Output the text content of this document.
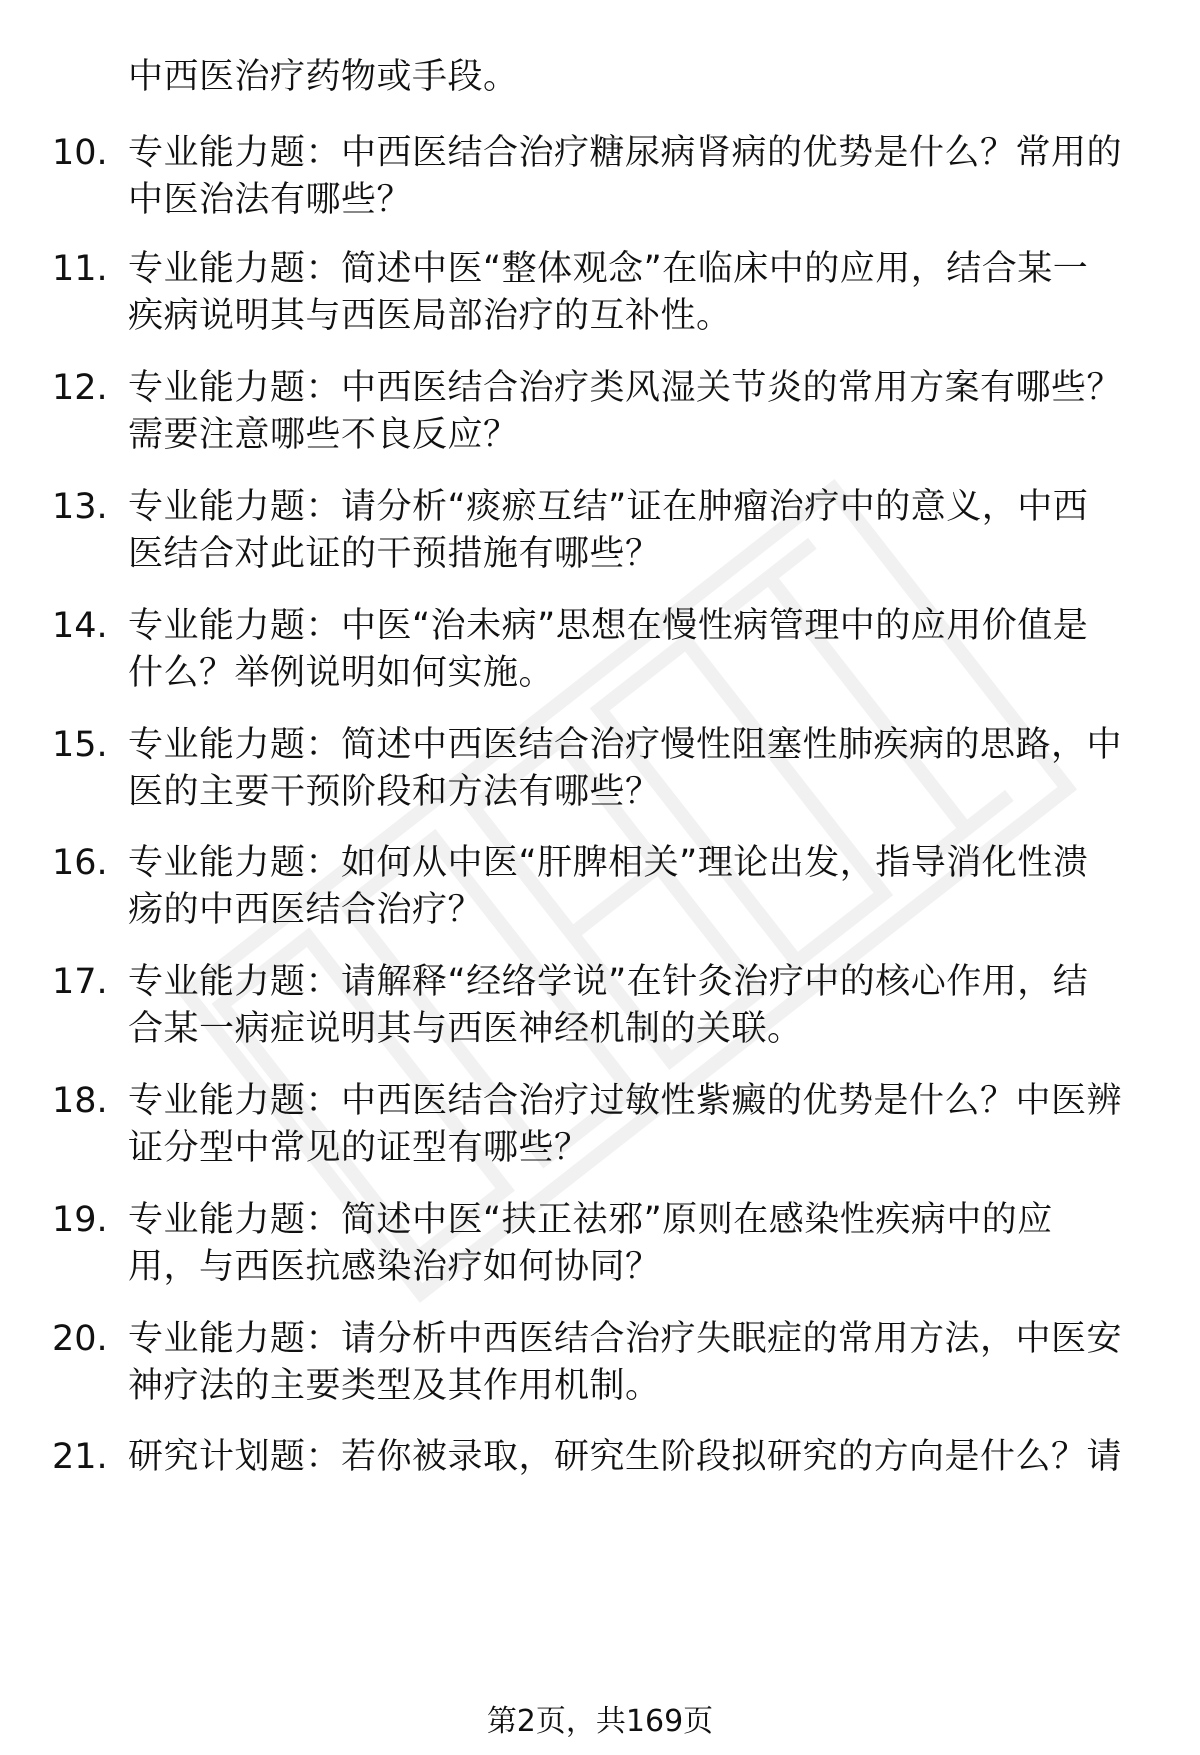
中西医治疗药物或手段。
10. 专业能力题：中西医结合治疗糖尿病肾病的优势是什么？常用的
中医治法有哪些？
11. 专业能力题：简述中医“整体观念”在临床中的应用，结合某一
疾病说明其与西医局部治疗的互补性。
12. 专业能力题：中西医结合治疗类风湿关节炎的常用方案有哪些？
需要注意哪些不良反应？
13. 专业能力题：请分析“痰瘀互结”证在肿瘤治疗中的意义，中西
医结合对此证的干预措施有哪些？
14. 专业能力题：中医“治未病”思想在慢性病管理中的应用价值是
什么？举例说明如何实施。
15. 专业能力题：简述中西医结合治疗慢性阻塞性肺疾病的思路，中
医的主要干预阶段和方法有哪些？
16. 专业能力题：如何从中医“肝脾相关”理论出发，指导消化性溃
疡的中西医结合治疗？
17. 专业能力题：请解释“经络学说”在针灸治疗中的核心作用，结
合某一病症说明其与西医神经机制的关联。
18. 专业能力题：中西医结合治疗过敏性紫癜的优势是什么？中医辨
证分型中常见的证型有哪些？
19. 专业能力题：简述中医“扶正祛邪”原则在感染性疾病中的应
用，与西医抗感染治疗如何协同？
20. 专业能力题：请分析中西医结合治疗失眠症的常用方法，中医安
神疗法的主要类型及其作用机制。
21. 研究计划题：若你被录取，研究生阶段拟研究的方向是什么？请
第2页，共169页
